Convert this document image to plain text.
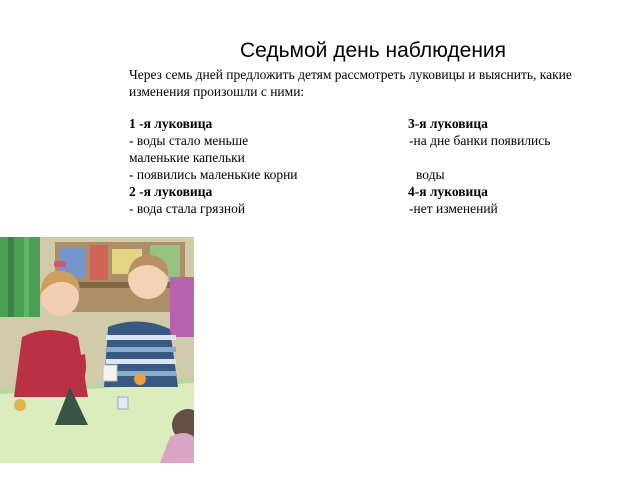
Седьмой день наблюдения
Через семь дней предложить детям рассмотреть луковицы и выяснить, какие изменения произошли с ними:
1 -я луковица
- воды стало меньше
маленькие капельки
- появились маленькие корни
2 -я луковица
- вода стала грязной
3-я луковица
-на дне банки появились
воды
4-я луковица
-нет изменений
